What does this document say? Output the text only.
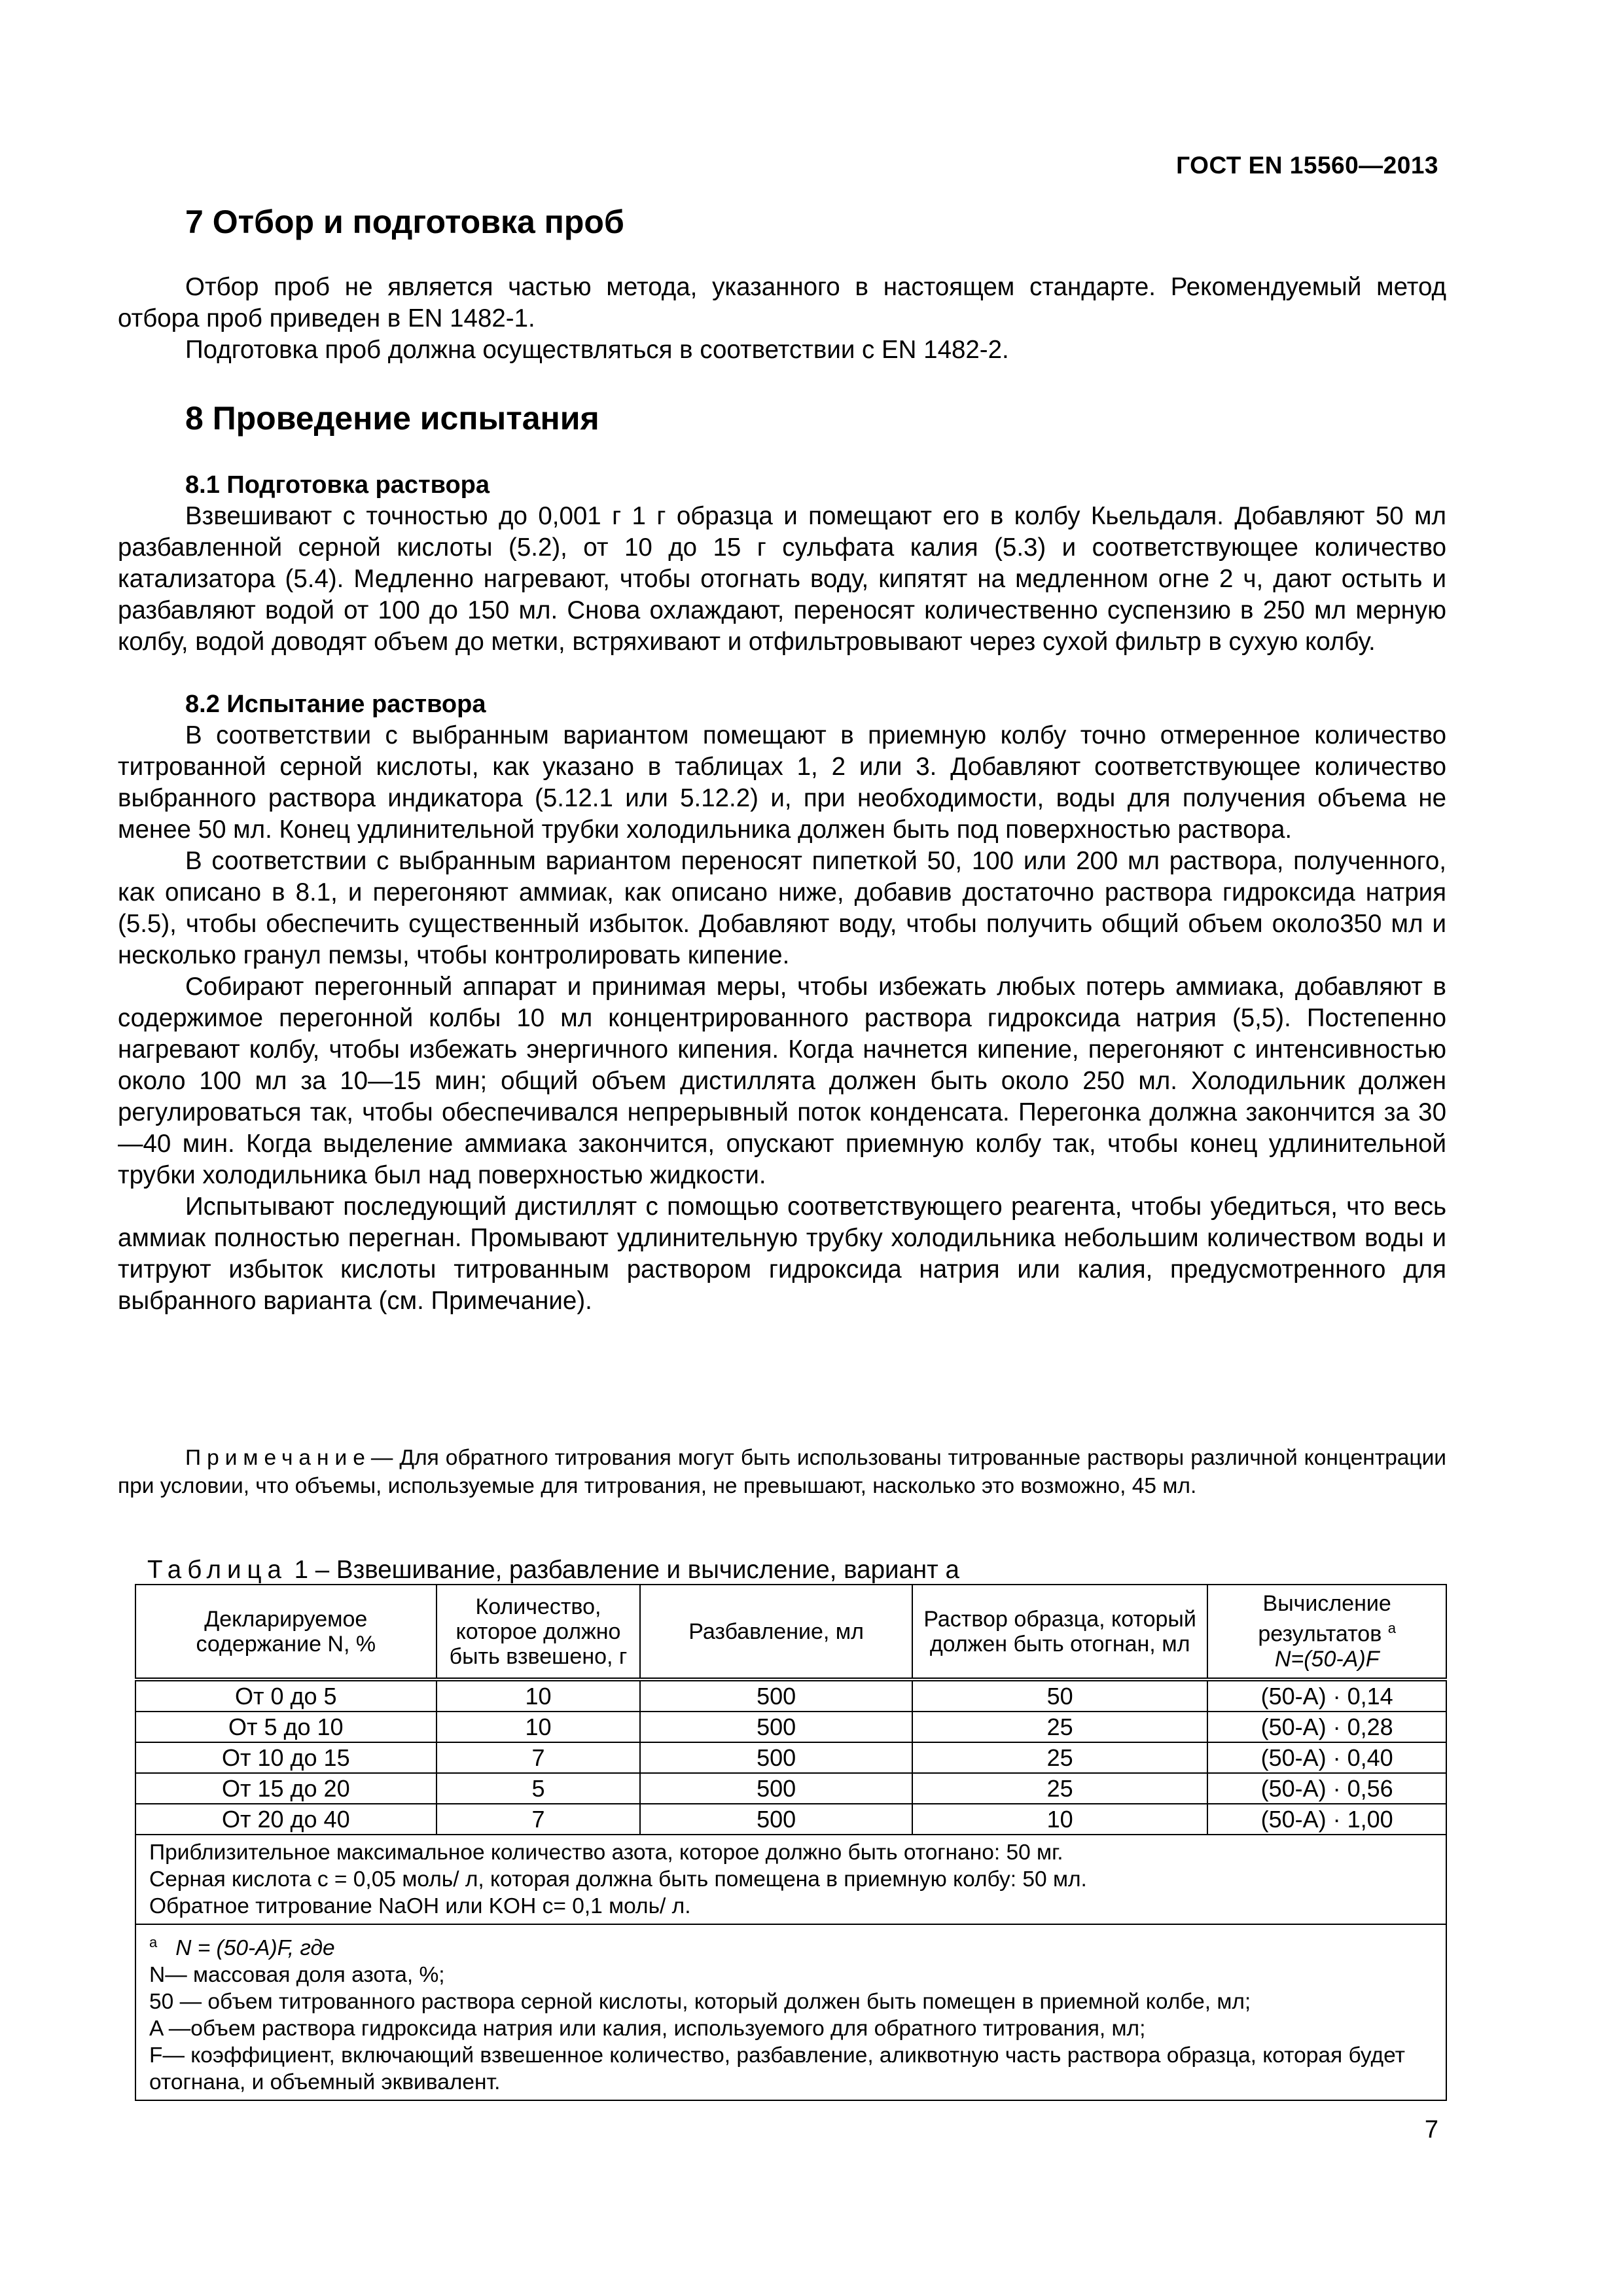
ГОСТ EN 15560—2013
7 Отбор и подготовка проб

Отбор проб не является частью метода, указанного в настоящем стандарте. Рекомендуемый метод отбора проб приведен в EN 1482-1.

Подготовка проб должна осуществляться в соответствии с EN 1482-2.

8 Проведение испытания
8.1 Подготовка раствора

Взвешивают с точностью до 0,001 г 1 г образца и помещают его в колбу Кьельдаля. Добавляют 50 мл разбавленной серной кислоты (5.2), от 10 до 15 г сульфата калия (5.3) и соответствующее количество катализатора (5.4). Медленно нагревают, чтобы отогнать воду, кипятят на медленном огне 2 ч, дают остыть и разбавляют водой от 100 до 150 мл. Снова охлаждают, переносят количественно суспензию в 250 мл мерную колбу, водой доводят объем до метки, встряхивают и отфильтровывают через сухой фильтр в сухую колбу.

8.2 Испытание раствора

В соответствии с выбранным вариантом помещают в приемную колбу точно отмеренное количество титрованной серной кислоты, как указано в таблицах 1, 2 или 3. Добавляют соответствующее количество выбранного раствора индикатора (5.12.1 или 5.12.2) и, при необходимости, воды для получения объема не менее 50 мл. Конец удлинительной трубки холодильника должен быть под поверхностью раствора.

В соответствии с выбранным вариантом переносят пипеткой 50, 100 или 200 мл раствора, полученного, как описано в 8.1, и перегоняют аммиак, как описано ниже, добавив достаточно раствора гидроксида натрия (5.5), чтобы обеспечить существенный избыток. Добавляют воду, чтобы получить общий объем около350 мл и несколько гранул пемзы, чтобы контролировать кипение.

Собирают перегонный аппарат и принимая меры, чтобы избежать любых потерь аммиака, добавляют в содержимое перегонной колбы 10 мл концентрированного раствора гидроксида натрия (5,5). Постепенно нагревают колбу, чтобы избежать энергичного кипения. Когда начнется кипение, перегоняют с интенсивностью около 100 мл за 10—15 мин; общий объем дистиллята должен быть около 250 мл. Холодильник должен регулироваться так, чтобы обеспечивался непрерывный поток конденсата. Перегонка должна закончится за 30—40 мин. Когда выделение аммиака закончится, опускают приемную колбу так, чтобы конец удлинительной трубки холодильника был над поверхностью жидкости.

Испытывают последующий дистиллят с помощью соответствующего реагента, чтобы убедиться, что весь аммиак полностью перегнан. Промывают удлинительную трубку холодильника небольшим количеством воды и титруют избыток кислоты титрованным раствором гидроксида натрия или калия, предусмотренного для выбранного варианта (см. Примечание).

Примечание— Для обратного титрования могут быть использованы титрованные растворы различной концентрации при условии, что объемы, используемые для титрования, не превышают, насколько это возможно, 45 мл.

Таблица 1 – Взвешивание, разбавление и вычисление, вариант а
Декларируемое содержание N, %	Количество, которое должно быть взвешено, г	Разбавление, мл	Раствор образца, который должен быть отогнан, мл	Вычисление результатов $^a$
N=(50-A)F
От 0 до 5	10	500	50	(50-A) · 0,14
От 5 до 10	10	500	25	(50-A) · 0,28
От 10 до 15	7	500	25	(50-A) · 0,40
От 15 до 20	5	500	25	(50-A) · 0,56
От 20 до 40	7	500	10	(50-A) · 1,00

Приблизительное максимальное количество азота, которое должно быть отогнано: 50 мг.
Серная кислота c = 0,05 моль/ л, которая должна быть помещена в приемную колбу: 50 мл.
Обратное титрование NaOH или KOH c= 0,1 моль/ л.				

$^a$ N = (50-A)F, где
N— массовая доля азота, %;
50 — объем титрованного раствора серной кислоты, который должен быть помещен в приемной колбе, мл;
A —объем раствора гидроксида натрия или калия, используемого для обратного титрования, мл;
F— коэффициент, включающий взвешенное количество, разбавление, аликвотную часть раствора образца, которая будет отогнана, и объемный эквивалент.				
7
